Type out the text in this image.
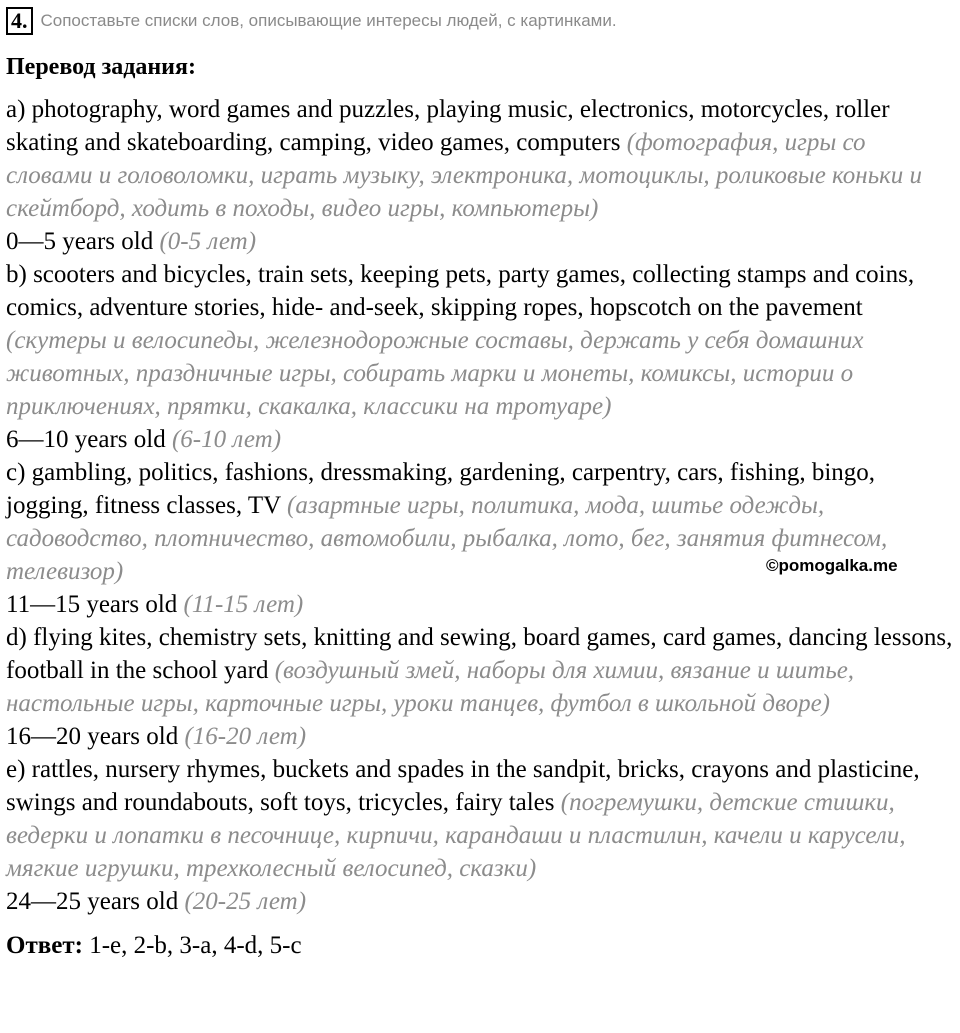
4. Сопоставьте списки слов, описывающие интересы людей, с картинками.
Перевод задания:
a) photography, word games and puzzles, playing music, electronics, motorcycles, roller skating and skateboarding, camping, video games, computers (фотография, игры со словами и головоломки, играть музыку, электроника, мотоциклы, роликовые коньки и скейтборд, ходить в походы, видео игры, компьютеры)
0—5 years old (0-5 лет)
b) scooters and bicycles, train sets, keeping pets, party games, collecting stamps and coins, comics, adventure stories, hide- and-seek, skipping ropes, hopscotch on the pavement (скутеры и велосипеды, железнодорожные составы, держать у себя домашних животных, праздничные игры, собирать марки и монеты, комиксы, истории о приключениях, прятки, скакалка, классики на тротуаре)
6—10 years old (6-10 лет)
c) gambling, politics, fashions, dressmaking, gardening, carpentry, cars, fishing, bingo, jogging, fitness classes, TV (азартные игры, политика, мода, шитье одежды, садоводство, плотничество, автомобили, рыбалка, лото, бег, занятия фитнесом, телевизор)
11—15 years old (11-15 лет)
d) flying kites, chemistry sets, knitting and sewing, board games, card games, dancing lessons, football in the school yard (воздушный змей, наборы для химии, вязание и шитье, настольные игры, карточные игры, уроки танцев, футбол в школьной дворе)
16—20 years old (16-20 лет)
e) rattles, nursery rhymes, buckets and spades in the sandpit, bricks, crayons and plasticine, swings and roundabouts, soft toys, tricycles, fairy tales (погремушки, детские стишки, ведерки и лопатки в песочнице, кирпичи, карандаши и пластилин, качели и карусели, мягкие игрушки, трехколесный велосипед, сказки)
24—25 years old (20-25 лет)
Ответ: 1-e, 2-b, 3-a, 4-d, 5-c
©pomogalka.me
